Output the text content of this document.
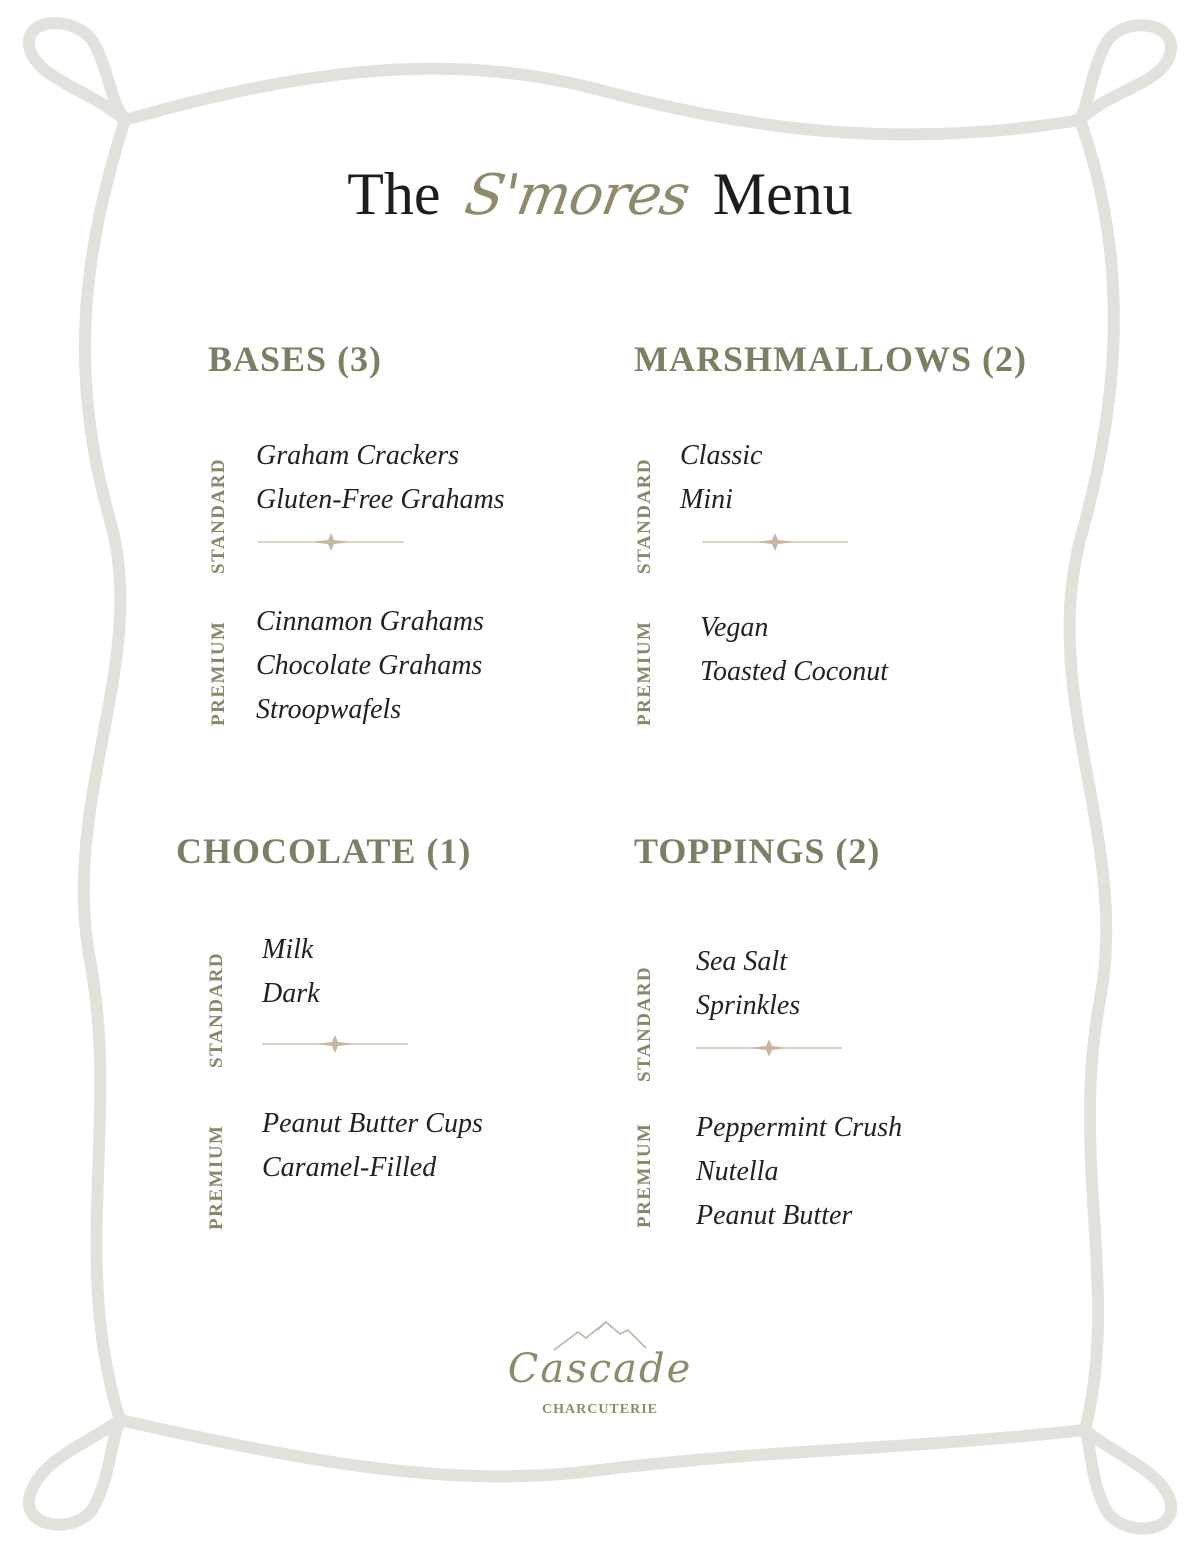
The S'mores Menu
BASES (3)
STANDARD
Graham Crackers
Gluten-Free Grahams
PREMIUM Cinnamon Grahams
Chocolate Grahams
Stroopwafels
MARSHMALLOWS (2)
STANDARD
Classic
Mini
PREMIUM Vegan
Toasted Coconut
CHOCOLATE (1)
STANDARD
Milk
Dark
PREMIUM
Peanut Butter Cups
Caramel-Filled
TOPPINGS (2)
STANDARD
Sea Salt
Sprinkles
PREMIUM Peppermint Crush
Nutella
Peanut Butter
Cascade
CHARCUTERIE
